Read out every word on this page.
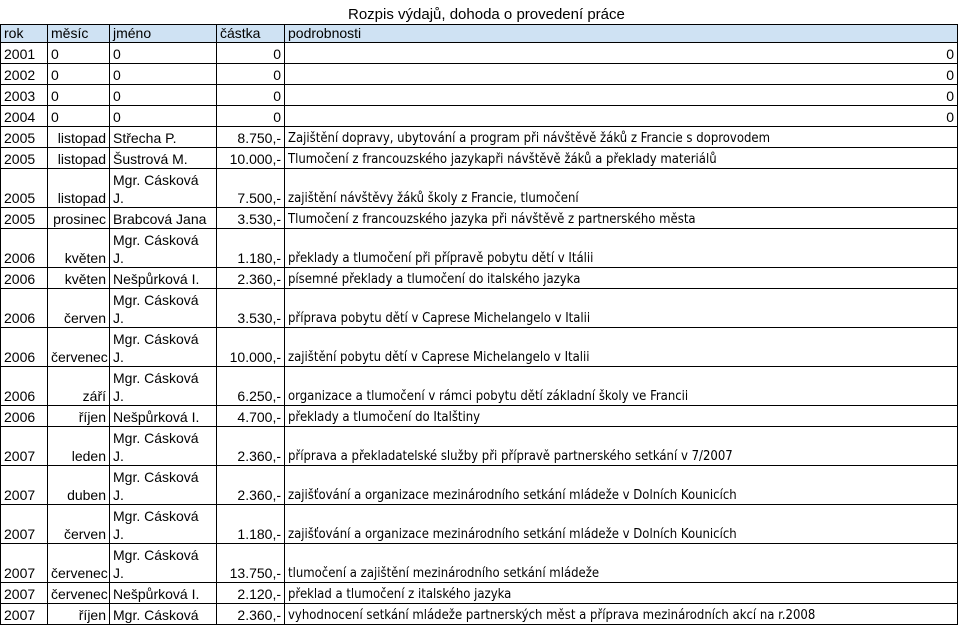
Rozpis výdajů, dohoda o provedení práce
rok	měsíc	jméno	částka	podrobnosti
2001	0	0	0	0
2002	0	0	0	0
2003	0	0	0	0
2004	0	0	0	0
2005	listopad	Střecha P.	8.750,-	Zajištění dopravy, ubytování a program při návštěvě žáků z Francie s doprovodem
2005	listopad	Šustrová M.	10.000,-	Tlumočení z francouzského jazykapři návštěvě žáků a překlady materiálů
2005	listopad	Mgr. Cásková J.	7.500,-	zajištění návštěvy žáků školy z Francie, tlumočení
2005	prosinec	Brabcová Jana	3.530,-	Tlumočení z francouzského jazyka při návštěvě z partnerského města
2006	květen	Mgr. Cásková J.	1.180,-	překlady a tlumočení při přípravě pobytu dětí v Itálii
2006	květen	Nešpůrková I.	2.360,-	písemné překlady a tlumočení do italského jazyka
2006	červen	Mgr. Cásková J.	3.530,-	příprava pobytu dětí v Caprese Michelangelo v Italii
2006	červenec	Mgr. Cásková J.	10.000,-	zajištění pobytu dětí v Caprese Michelangelo v Italii
2006	září	Mgr. Cásková J.	6.250,-	organizace a tlumočení v rámci pobytu dětí základní školy ve Francii
2006	říjen	Nešpůrková I.	4.700,-	překlady a tlumočení do Italštiny
2007	leden	Mgr. Cásková J.	2.360,-	příprava a překladatelské služby při přípravě partnerského setkání v 7/2007
2007	duben	Mgr. Cásková J.	2.360,-	zajišťování a organizace mezinárodního setkání mládeže v Dolních Kounicích
2007	červen	Mgr. Cásková J.	1.180,-	zajišťování a organizace mezinárodního setkání mládeže v Dolních Kounicích
2007	červenec	Mgr. Cásková J.	13.750,-	tlumočení a zajištění mezinárodního setkání mládeže
2007	červenec	Nešpůrková I.	2.120,-	překlad a tlumočení z italského jazyka
2007	říjen	Mgr. Cásková	2.360,-	vyhodnocení setkání mládeže partnerských měst a příprava mezinárodních akcí na r.2008
